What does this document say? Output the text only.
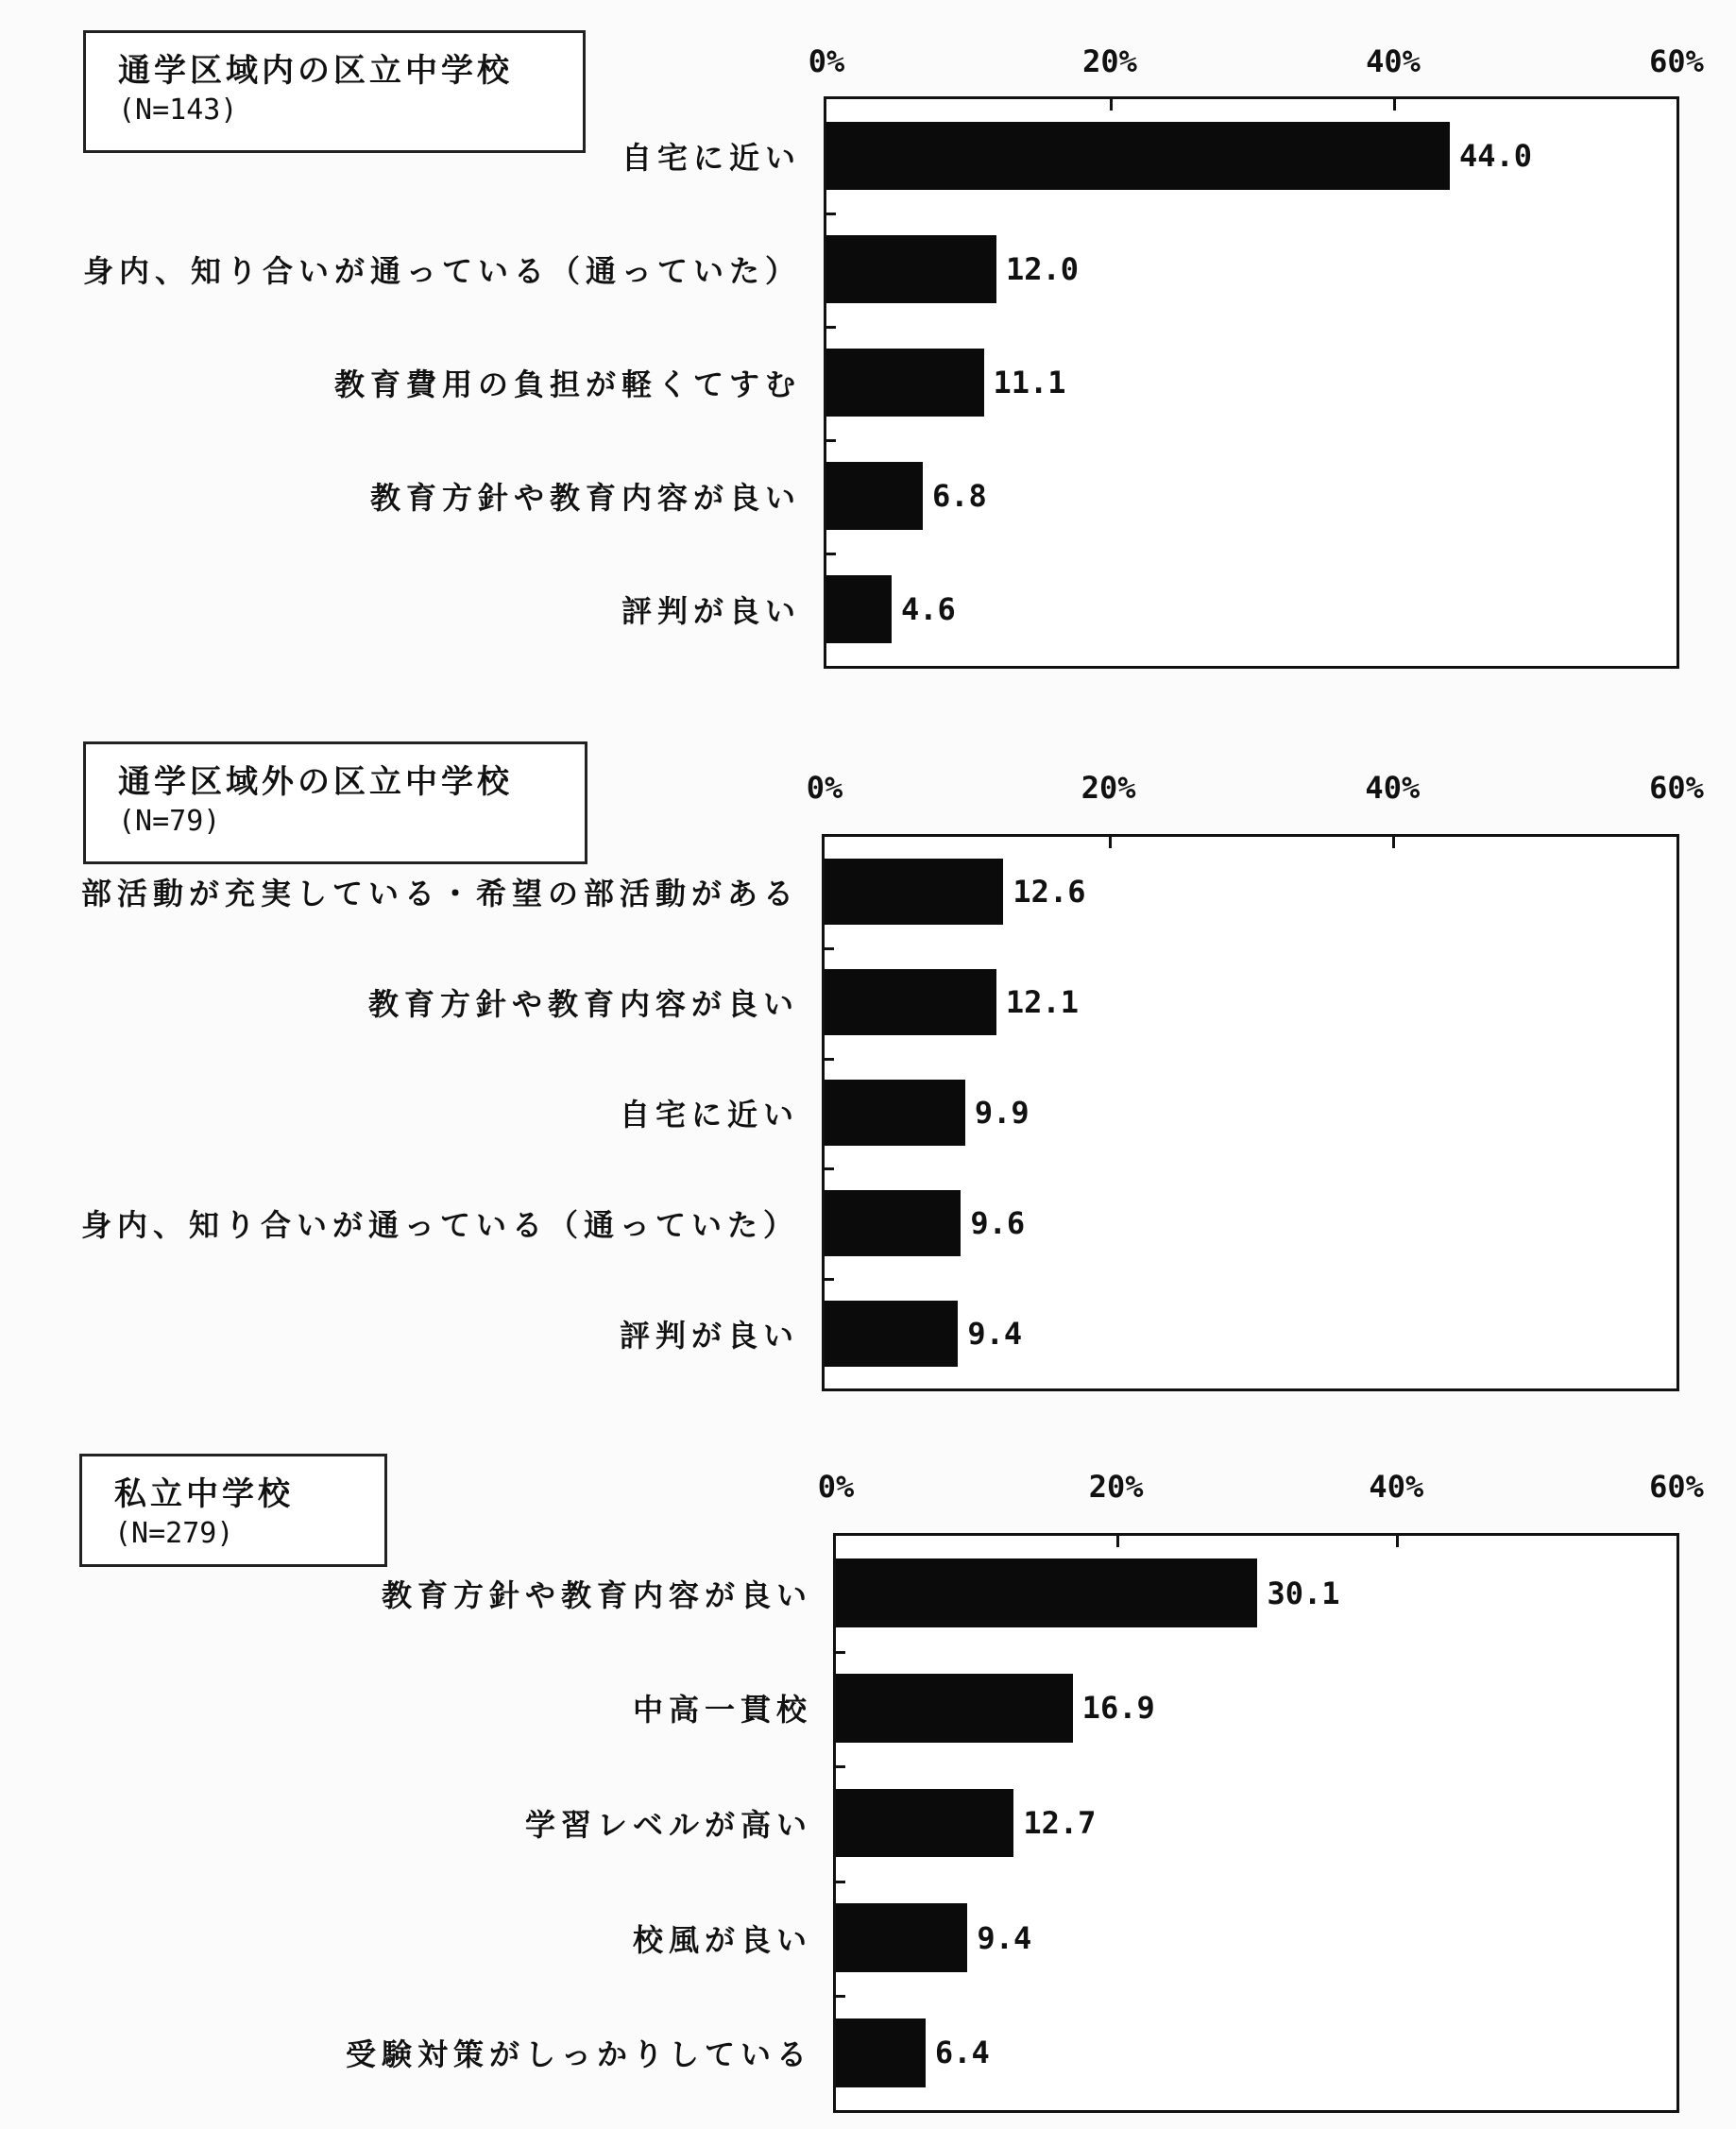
通学区域内の区立中学校
(N=143)
自宅に近い
身内、知り合いが通っている（通っていた）
教育費用の負担が軽くてすむ
教育方針や教育内容が良い
評判が良い
44.0
12.0
11.1
6.8
4.6
0%	20%	40%	60%
通学区域外の区立中学校
(N=79)
部活動が充実している・希望の部活動がある
教育方針や教育内容が良い
自宅に近い
身内、知り合いが通っている（通っていた）
評判が良い
12.6
12.1
9.9
9.6
9.4
0%	20%	40%	60%
私立中学校
(N=279)
教育方針や教育内容が良い
中高一貫校
学習レベルが高い
校風が良い
受験対策がしっかりしている
30.1
16.9
12.7
9.4
6.4
0%	20%	40%	60%
